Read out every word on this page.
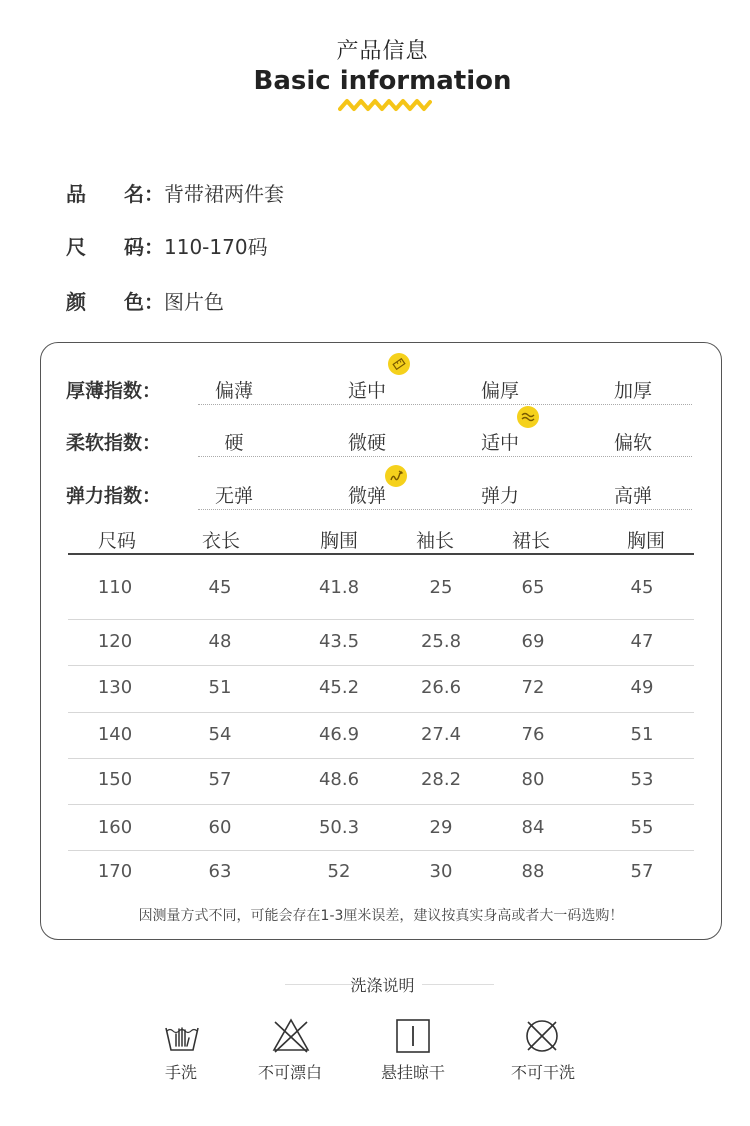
产品信息
Basic information
品 名：背带裙两件套
尺 码：110-170码
颜 色：图片色
厚薄指数：	偏薄	适中	偏厚	加厚
柔软指数：	硬	微硬	适中	偏软
弹力指数：	无弹	微弹	弹力	高弹
尺码	衣长	胸围	袖长	裙长	胸围
110	45	41.8	25	65	45
120	48	43.5	25.8	69	47
130	51	45.2	26.6	72	49
140	54	46.9	27.4	76	51
150	57	48.6	28.2	80	53
160	60	50.3	29	84	55
170	63	52	30	88	57
因测量方式不同，可能会存在1-3厘米误差，建议按真实身高或者大一码选购！
洗涤说明
手洗	不可漂白	悬挂晾干	不可干洗
